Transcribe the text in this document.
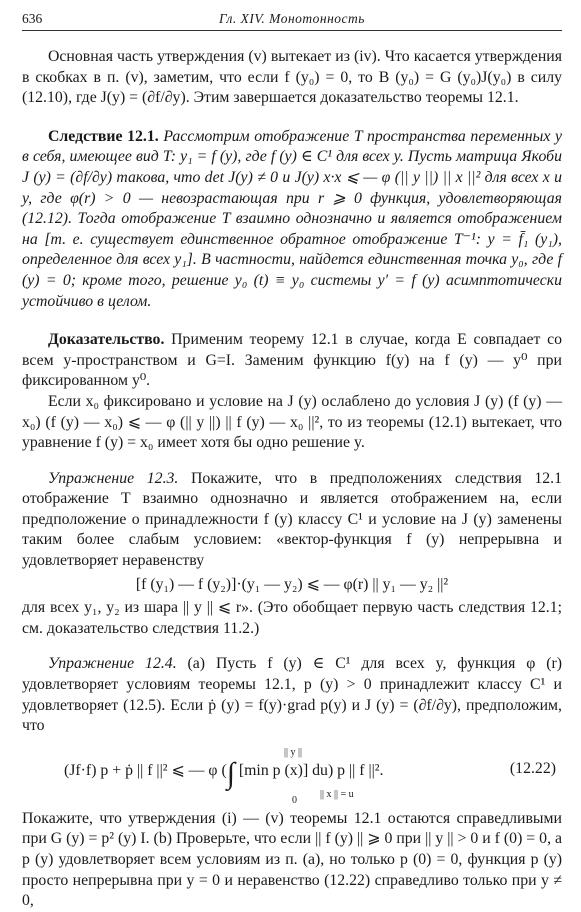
636	Гл. XIV. Монотонность

Основная часть утверждения (v) вытекает из (iv). Что касается утверждения в скобках в п. (v), заметим, что если f (y₀) = 0, то B (y₀) = G (y₀)J(y₀) в силу (12.10), где J(y) = (∂f/∂y). Этим завершается доказательство теоремы 12.1.

Следствие 12.1. Рассмотрим отображение T пространства переменных y в себя, имеющее вид T: y₁ = f (y), где f (y) ∈ C¹ для всех y. Пусть матрица Якоби J (y) = (∂f/∂y) такова, что det J(y) ≠ 0 и J(y) x·x ⩽ — φ (|| y ||) || x ||² для всех x и y, где φ(r) > 0 — невозрастающая при r ⩾ 0 функция, удовлетворяющая (12.12). Тогда отображение T взаимно однозначно и является отображением на [т. е. существует единственное обратное отображение T⁻¹: y = f̄₁ (y₁), определенное для всех y₁]. В частности, найдется единственная точка y₀, где f (y) = 0; кроме того, решение y₀ (t) ≡ y₀ системы y′ = f (y) асимптотически устойчиво в целом.

Доказательство. Применим теорему 12.1 в случае, когда E совпадает со всем y-пространством и G=I. Заменим функцию f(y) на f (y) — y⁰ при фиксированном y⁰.

Если x₀ фиксировано и условие на J (y) ослаблено до условия J (y) (f (y) — x₀) (f (y) — x₀) ⩽ — φ (|| y ||) || f (y) — x₀ ||², то из теоремы (12.1) вытекает, что уравнение f (y) = x₀ имеет хотя бы одно решение y.

Упражнение 12.3. Покажите, что в предположениях следствия 12.1 отображение T взаимно однозначно и является отображением на, если предположение о принадлежности f (y) классу C¹ и условие на J (y) заменены таким более слабым условием: «вектор-функция f (y) непрерывна и удовлетворяет неравенству

[f (y₁) — f (y₂)]·(y₁ — y₂) ⩽ — φ(r) || y₁ — y₂ ||²

для всех y₁, y₂ из шара || y || ⩽ r». (Это обобщает первую часть следствия 12.1; см. доказательство следствия 11.2.)

Упражнение 12.4. (a) Пусть f (y) ∈ C¹ для всех y, функция φ (r) удовлетворяет условиям теоремы 12.1, p (y) > 0 принадлежит классу C¹ и удовлетворяет (12.5). Если ṗ (y) = f(y)·grad p(y) и J (y) = (∂f/∂y), предположим, что

|| y ||
(Jf·f) p + ṗ || f ||² ⩽ — φ (∫ [min p (x)] du) p || f ||².
0
|| x || = u
(12.22)

Покажите, что утверждения (i) — (v) теоремы 12.1 остаются справедливыми при G (y) = p² (y) I. (b) Проверьте, что если || f (y) || ⩾ 0 при || y || > 0 и f (0) = 0, а p (y) удовлетворяет всем условиям из п. (a), но только p (0) = 0, функция p (y) просто непрерывна при y = 0 и неравенство (12.22) справедливо только при y ≠ 0,
